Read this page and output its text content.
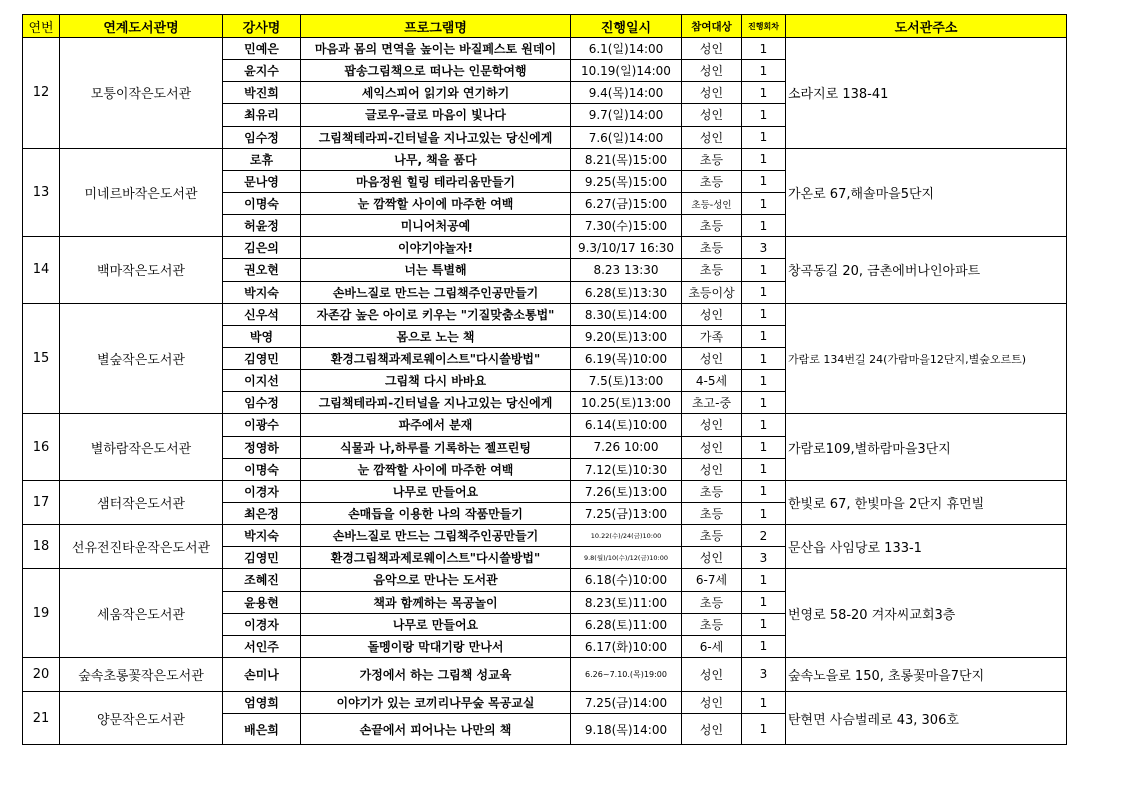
연번	연계도서관명	강사명	프로그램명	진행일시	참여대상	진행회차	도서관주소
12	모퉁이작은도서관	민예은	마음과 몸의 면역을 높이는 바질페스토 원데이	6.1(일)14:00	성인	1	소라지로 138-41
		윤지수	팝송그림책으로 떠나는 인문학여행	10.19(일)14:00	성인	1	
		박진희	세익스피어 읽기와 연기하기	9.4(목)14:00	성인	1	
		최유리	글로우-글로 마음이 빛나다	9.7(일)14:00	성인	1	
		임수정	그림책테라피-긴터널을 지나고있는 당신에게	7.6(일)14:00	성인	1	
13	미네르바작은도서관	로휴	나무, 책을 품다	8.21(목)15:00	초등	1	가온로 67,해솔마을5단지
		문나영	마음정원 힐링 테라리움만들기	9.25(목)15:00	초등	1	
		이명숙	눈 깜짝할 사이에 마주한 여백	6.27(금)15:00	초등-성인	1	
		허윤정	미니어처공예	7.30(수)15:00	초등	1	
14	백마작은도서관	김은의	이야기야놀자!	9.3/10/17 16:30	초등	3	창곡동길 20, 금촌에버나인아파트
		권오현	너는 특별해	8.23 13:30	초등	1	
		박지숙	손바느질로 만드는 그림책주인공만들기	6.28(토)13:30	초등이상	1	
15	별숲작은도서관	신우석	자존감 높은 아이로 키우는 "기질맞춤소통법"	8.30(토)14:00	성인	1	가람로 134번길 24(가람마을12단지,별숲오르트)
		박영	몸으로 노는 책	9.20(토)13:00	가족	1	
		김영민	환경그림책과제로웨이스트"다시쓸방법"	6.19(목)10:00	성인	1	
		이지선	그림책 다시 바바요	7.5(토)13:00	4-5세	1	
		임수정	그림책테라피-긴터널을 지나고있는 당신에게	10.25(토)13:00	초고-중	1	
16	별하람작은도서관	이광수	파주에서 분재	6.14(토)10:00	성인	1	가람로109,별하람마을3단지
		정영하	식물과 나,하루를 기록하는 젤프린팅	7.26 10:00	성인	1	
		이명숙	눈 깜짝할 사이에 마주한 여백	7.12(토)10:30	성인	1	
17	샘터작은도서관	이경자	나무로 만들어요	7.26(토)13:00	초등	1	한빛로 67, 한빛마을 2단지 휴먼빌
		최은정	손매듭을 이용한 나의 작품만들기	7.25(금)13:00	초등	1	
18	선유전진타운작은도서관	박지숙	손바느질로 만드는 그림책주인공만들기	10.22(수)/24(금)10:00	초등	2	문산읍 사임당로 133-1
		김영민	환경그림책과제로웨이스트"다시쓸방법"	9.8(월)/10(수)/12(금)10:00	성인	3	
19	세움작은도서관	조혜진	음악으로 만나는 도서관	6.18(수)10:00	6-7세	1	번영로 58-20 겨자씨교회3층
		윤용현	책과 함께하는 목공놀이	8.23(토)11:00	초등	1	
		이경자	나무로 만들어요	6.28(토)11:00	초등	1	
		서인주	돌멩이랑 막대기랑 만나서	6.17(화)10:00	6-세	1	
20	숲속초롱꽃작은도서관	손미나	가정에서 하는 그림책 성교육	6.26~7.10.(목)19:00	성인	3	숲속노을로 150, 초롱꽃마을7단지
21	양문작은도서관	엄영희	이야기가 있는 코끼리나무숲 목공교실	7.25(금)14:00	성인	1	탄현면 사슴벌레로 43, 306호
		배은희	손끝에서 피어나는 나만의 책	9.18(목)14:00	성인	1	
